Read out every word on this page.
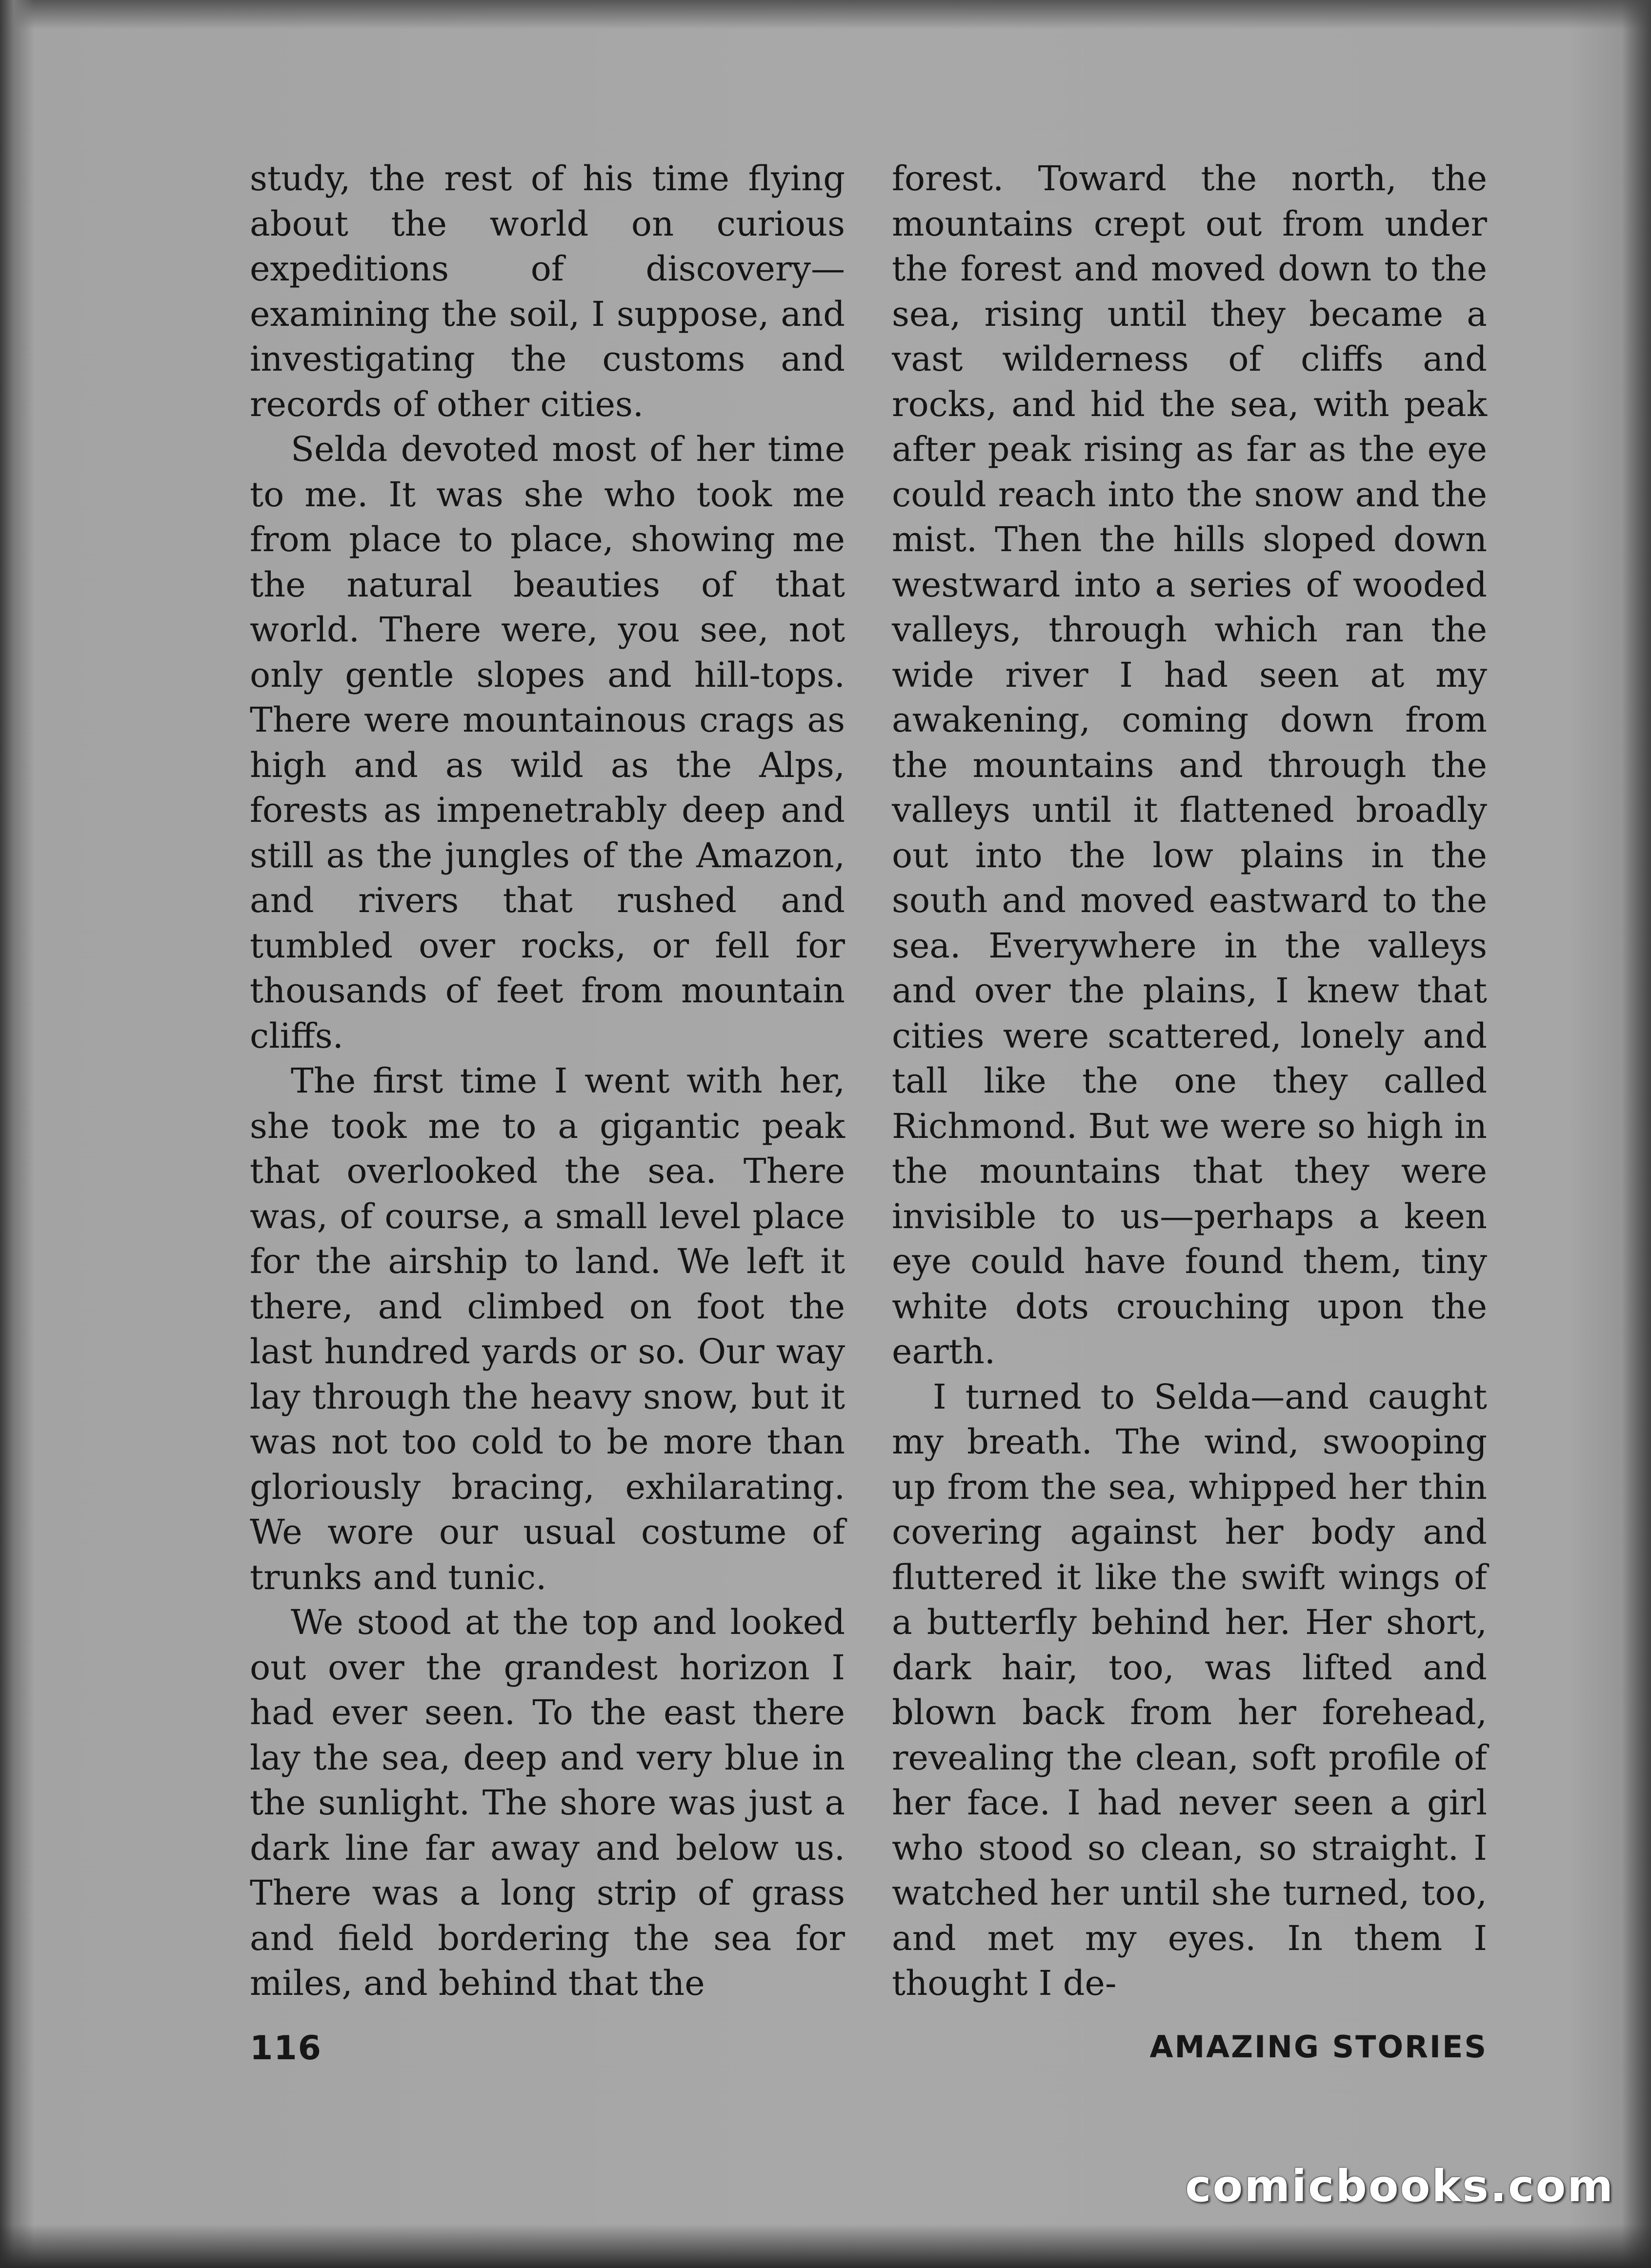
study, the rest of his time flying about the world on curious expeditions of discovery—examining the soil, I suppose, and investigating the customs and records of other cities.

Selda devoted most of her time to me. It was she who took me from place to place, showing me the natural beauties of that world. There were, you see, not only gentle slopes and hill-tops. There were mountainous crags as high and as wild as the Alps, forests as impenetrably deep and still as the jungles of the Amazon, and rivers that rushed and tumbled over rocks, or fell for thousands of feet from mountain cliffs.

The first time I went with her, she took me to a gigantic peak that overlooked the sea. There was, of course, a small level place for the airship to land. We left it there, and climbed on foot the last hundred yards or so. Our way lay through the heavy snow, but it was not too cold to be more than gloriously bracing, exhilarating. We wore our usual costume of trunks and tunic.

We stood at the top and looked out over the grandest horizon I had ever seen. To the east there lay the sea, deep and very blue in the sunlight. The shore was just a dark line far away and below us. There was a long strip of grass and field bordering the sea for miles, and behind that the

forest. Toward the north, the mountains crept out from under the forest and moved down to the sea, rising until they became a vast wilderness of cliffs and rocks, and hid the sea, with peak after peak rising as far as the eye could reach into the snow and the mist. Then the hills sloped down westward into a series of wooded valleys, through which ran the wide river I had seen at my awakening, coming down from the mountains and through the valleys until it flattened broadly out into the low plains in the south and moved eastward to the sea. Everywhere in the valleys and over the plains, I knew that cities were scattered, lonely and tall like the one they called Richmond. But we were so high in the mountains that they were invisible to us—perhaps a keen eye could have found them, tiny white dots crouching upon the earth.

I turned to Selda—and caught my breath. The wind, swooping up from the sea, whipped her thin covering against her body and fluttered it like the swift wings of a butterfly behind her. Her short, dark hair, too, was lifted and blown back from her forehead, revealing the clean, soft profile of her face. I had never seen a girl who stood so clean, so straight. I watched her until she turned, too, and met my eyes. In them I thought I de-

116	AMAZING STORIES
comicbooks.com
